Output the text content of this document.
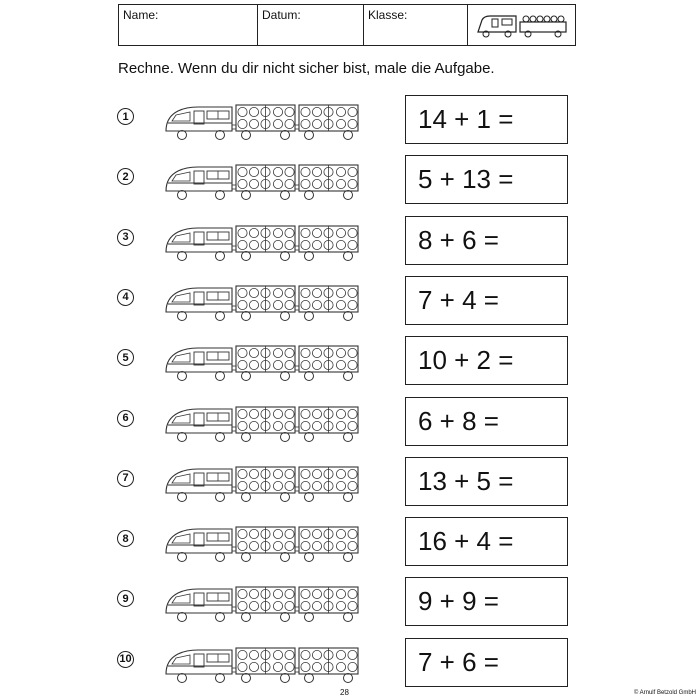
Name:	Datum:	Klasse:
Rechne. Wenn du dir nicht sicher bist, male die Aufgabe.
1	14 + 1 =
2	5 + 13 =
3	8 + 6 =
4	7 + 4 =
5	10 + 2 =
6	6 + 8 =
7	13 + 5 =
8	16 + 4 =
9	9 + 9 =
10	7 + 6 =
28	© Arnulf Betzold GmbH
